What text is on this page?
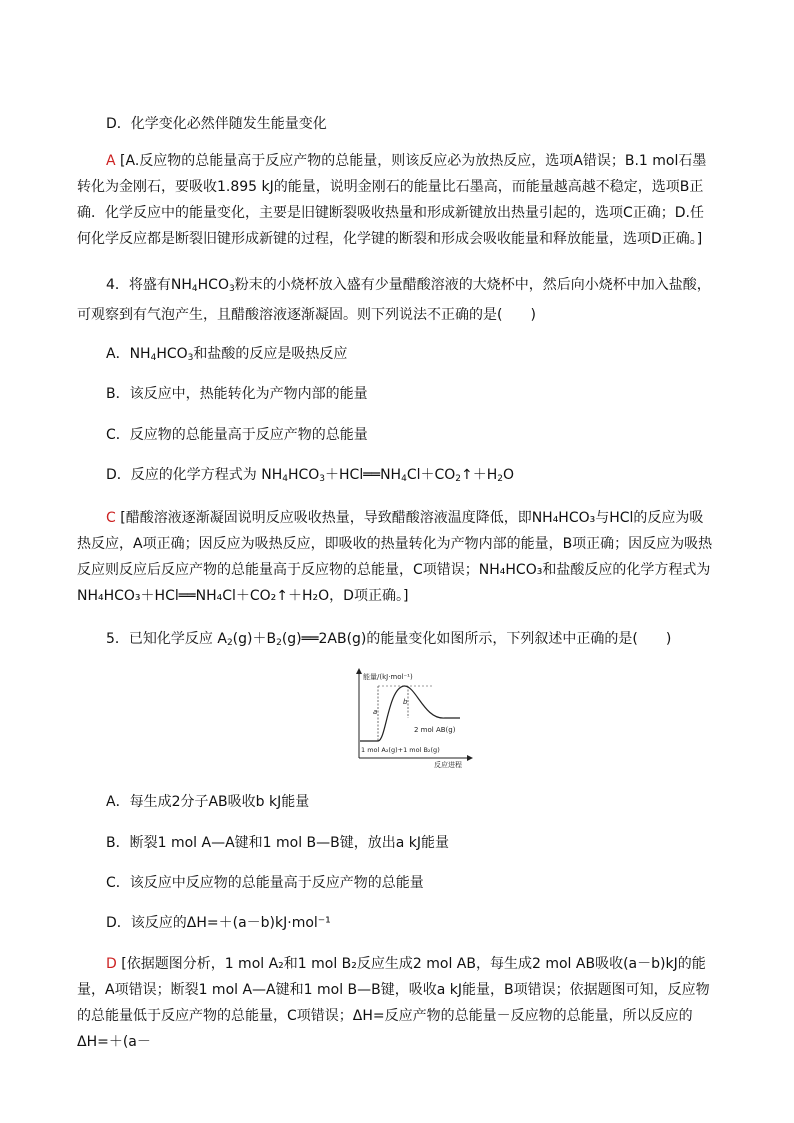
D．化学变化必然伴随发生能量变化
A [A.反应物的总能量高于反应产物的总能量，则该反应必为放热反应，选项A错误；B.1 mol石墨转化为金刚石，要吸收1.895 kJ的能量，说明金刚石的能量比石墨高，而能量越高越不稳定，选项B正确．化学反应中的能量变化，主要是旧键断裂吸收热量和形成新键放出热量引起的，选项C正确；D.任何化学反应都是断裂旧键形成新键的过程，化学键的断裂和形成会吸收能量和释放能量，选项D正确。]
4．将盛有$NH_4HCO_3$粉末的小烧杯放入盛有少量醋酸溶液的大烧杯中，然后向小烧杯中加入盐酸，可观察到有气泡产生，且醋酸溶液逐渐凝固。则下列说法不正确的是(　　)
A．$NH_4HCO_3$和盐酸的反应是吸热反应
B．该反应中，热能转化为产物内部的能量
C．反应物的总能量高于反应产物的总能量
D．反应的化学方程式为 $NH_4HCO_3+HCl══NH_4Cl+CO_2↑+H_2O$
C [醋酸溶液逐渐凝固说明反应吸收热量，导致醋酸溶液温度降低，即NH₄HCO₃与HCl的反应为吸热反应，A项正确；因反应为吸热反应，即吸收的热量转化为产物内部的能量，B项正确；因反应为吸热反应则反应后反应产物的总能量高于反应物的总能量，C项错误；NH₄HCO₃和盐酸反应的化学方程式为 NH₄HCO₃＋HCl══NH₄Cl＋CO₂↑＋H₂O，D项正确。]
5．已知化学反应 $A_2(g)+B_2(g)══2AB(g)$的能量变化如图所示，下列叙述中正确的是(　　)
能量/(kJ·mol⁻¹)
反应进程
a
b
2 mol AB(g)
1 mol A₂(g)+1 mol B₂(g)
A．每生成2分子AB吸收b kJ能量
B．断裂1 mol A—A键和1 mol B—B键，放出a kJ能量
C．该反应中反应物的总能量高于反应产物的总能量
D．该反应的ΔH=＋(a－b)kJ·mol⁻¹
D [依据题图分析，1 mol A₂和1 mol B₂反应生成2 mol AB，每生成2 mol AB吸收(a－b)kJ的能量，A项错误；断裂1 mol A—A键和1 mol B—B键，吸收a kJ能量，B项错误；依据题图可知，反应物的总能量低于反应产物的总能量，C项错误；ΔH=反应产物的总能量－反应物的总能量，所以反应的ΔH=＋(a－
